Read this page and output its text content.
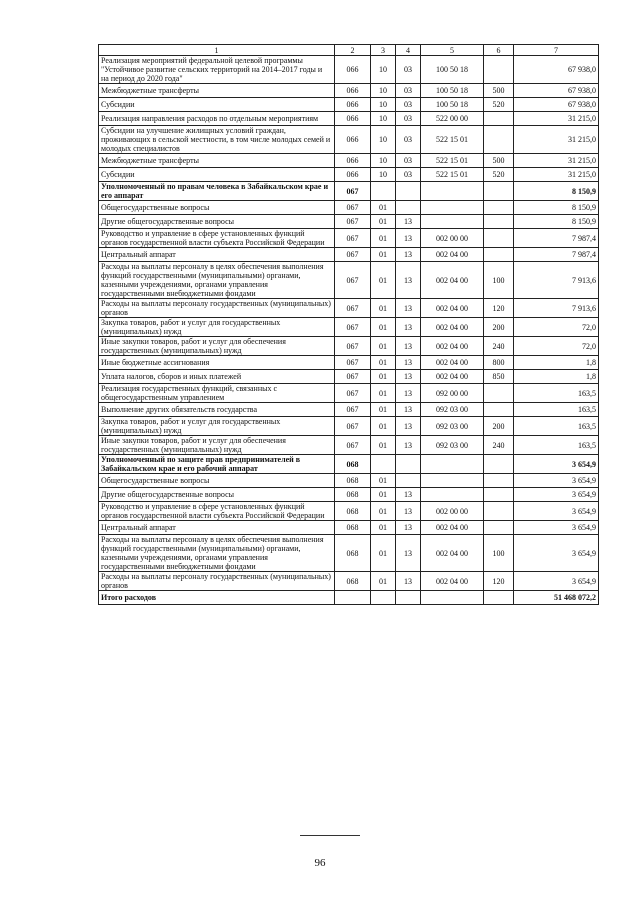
1	2	3	4	5	6	7
Реализация мероприятий федеральной целевой программы "Устойчивое развитие сельских территорий на 2014–2017 годы и на период до 2020 года"	066	10	03	100 50 18		67 938,0
Межбюджетные трансферты	066	10	03	100 50 18	500	67 938,0
Субсидии	066	10	03	100 50 18	520	67 938,0
Реализация направления расходов по отдельным мероприятиям	066	10	03	522 00 00		31 215,0
Субсидии на улучшение жилищных условий граждан, проживающих в сельской местности, в том числе молодых семей и молодых специалистов	066	10	03	522 15 01		31 215,0
Межбюджетные трансферты	066	10	03	522 15 01	500	31 215,0
Субсидии	066	10	03	522 15 01	520	31 215,0
Уполномоченный по правам человека в Забайкальском крае и его аппарат	067					8 150,9
Общегосударственные вопросы	067	01				8 150,9
Другие общегосударственные вопросы	067	01	13			8 150,9
Руководство и управление в сфере установленных функций органов государственной власти субъекта Российской Федерации	067	01	13	002 00 00		7 987,4
Центральный аппарат	067	01	13	002 04 00		7 987,4
Расходы на выплаты персоналу в целях обеспечения выполнения функций государственными (муниципальными) органами, казенными учреждениями, органами управления государственными внебюджетными фондами	067	01	13	002 04 00	100	7 913,6
Расходы на выплаты персоналу государственных (муниципальных) органов	067	01	13	002 04 00	120	7 913,6
Закупка товаров, работ и услуг для государственных (муниципальных) нужд	067	01	13	002 04 00	200	72,0
Иные закупки товаров, работ и услуг для обеспечения государственных (муниципальных) нужд	067	01	13	002 04 00	240	72,0
Иные бюджетные ассигнования	067	01	13	002 04 00	800	1,8
Уплата налогов, сборов и иных платежей	067	01	13	002 04 00	850	1,8
Реализация государственных функций, связанных с общегосударственным управлением	067	01	13	092 00 00		163,5
Выполнение других обязательств государства	067	01	13	092 03 00		163,5
Закупка товаров, работ и услуг для государственных (муниципальных) нужд	067	01	13	092 03 00	200	163,5
Иные закупки товаров, работ и услуг для обеспечения государственных (муниципальных) нужд	067	01	13	092 03 00	240	163,5
Уполномоченный по защите прав предпринимателей в Забайкальском крае и его рабочий аппарат	068					3 654,9
Общегосударственные вопросы	068	01				3 654,9
Другие общегосударственные вопросы	068	01	13			3 654,9
Руководство и управление в сфере установленных функций органов государственной власти субъекта Российской Федерации	068	01	13	002 00 00		3 654,9
Центральный аппарат	068	01	13	002 04 00		3 654,9
Расходы на выплаты персоналу в целях обеспечения выполнения функций государственными (муниципальными) органами, казенными учреждениями, органами управления государственными внебюджетными фондами	068	01	13	002 04 00	100	3 654,9
Расходы на выплаты персоналу государственных (муниципальных) органов	068	01	13	002 04 00	120	3 654,9
Итого расходов						51 468 072,2
96
